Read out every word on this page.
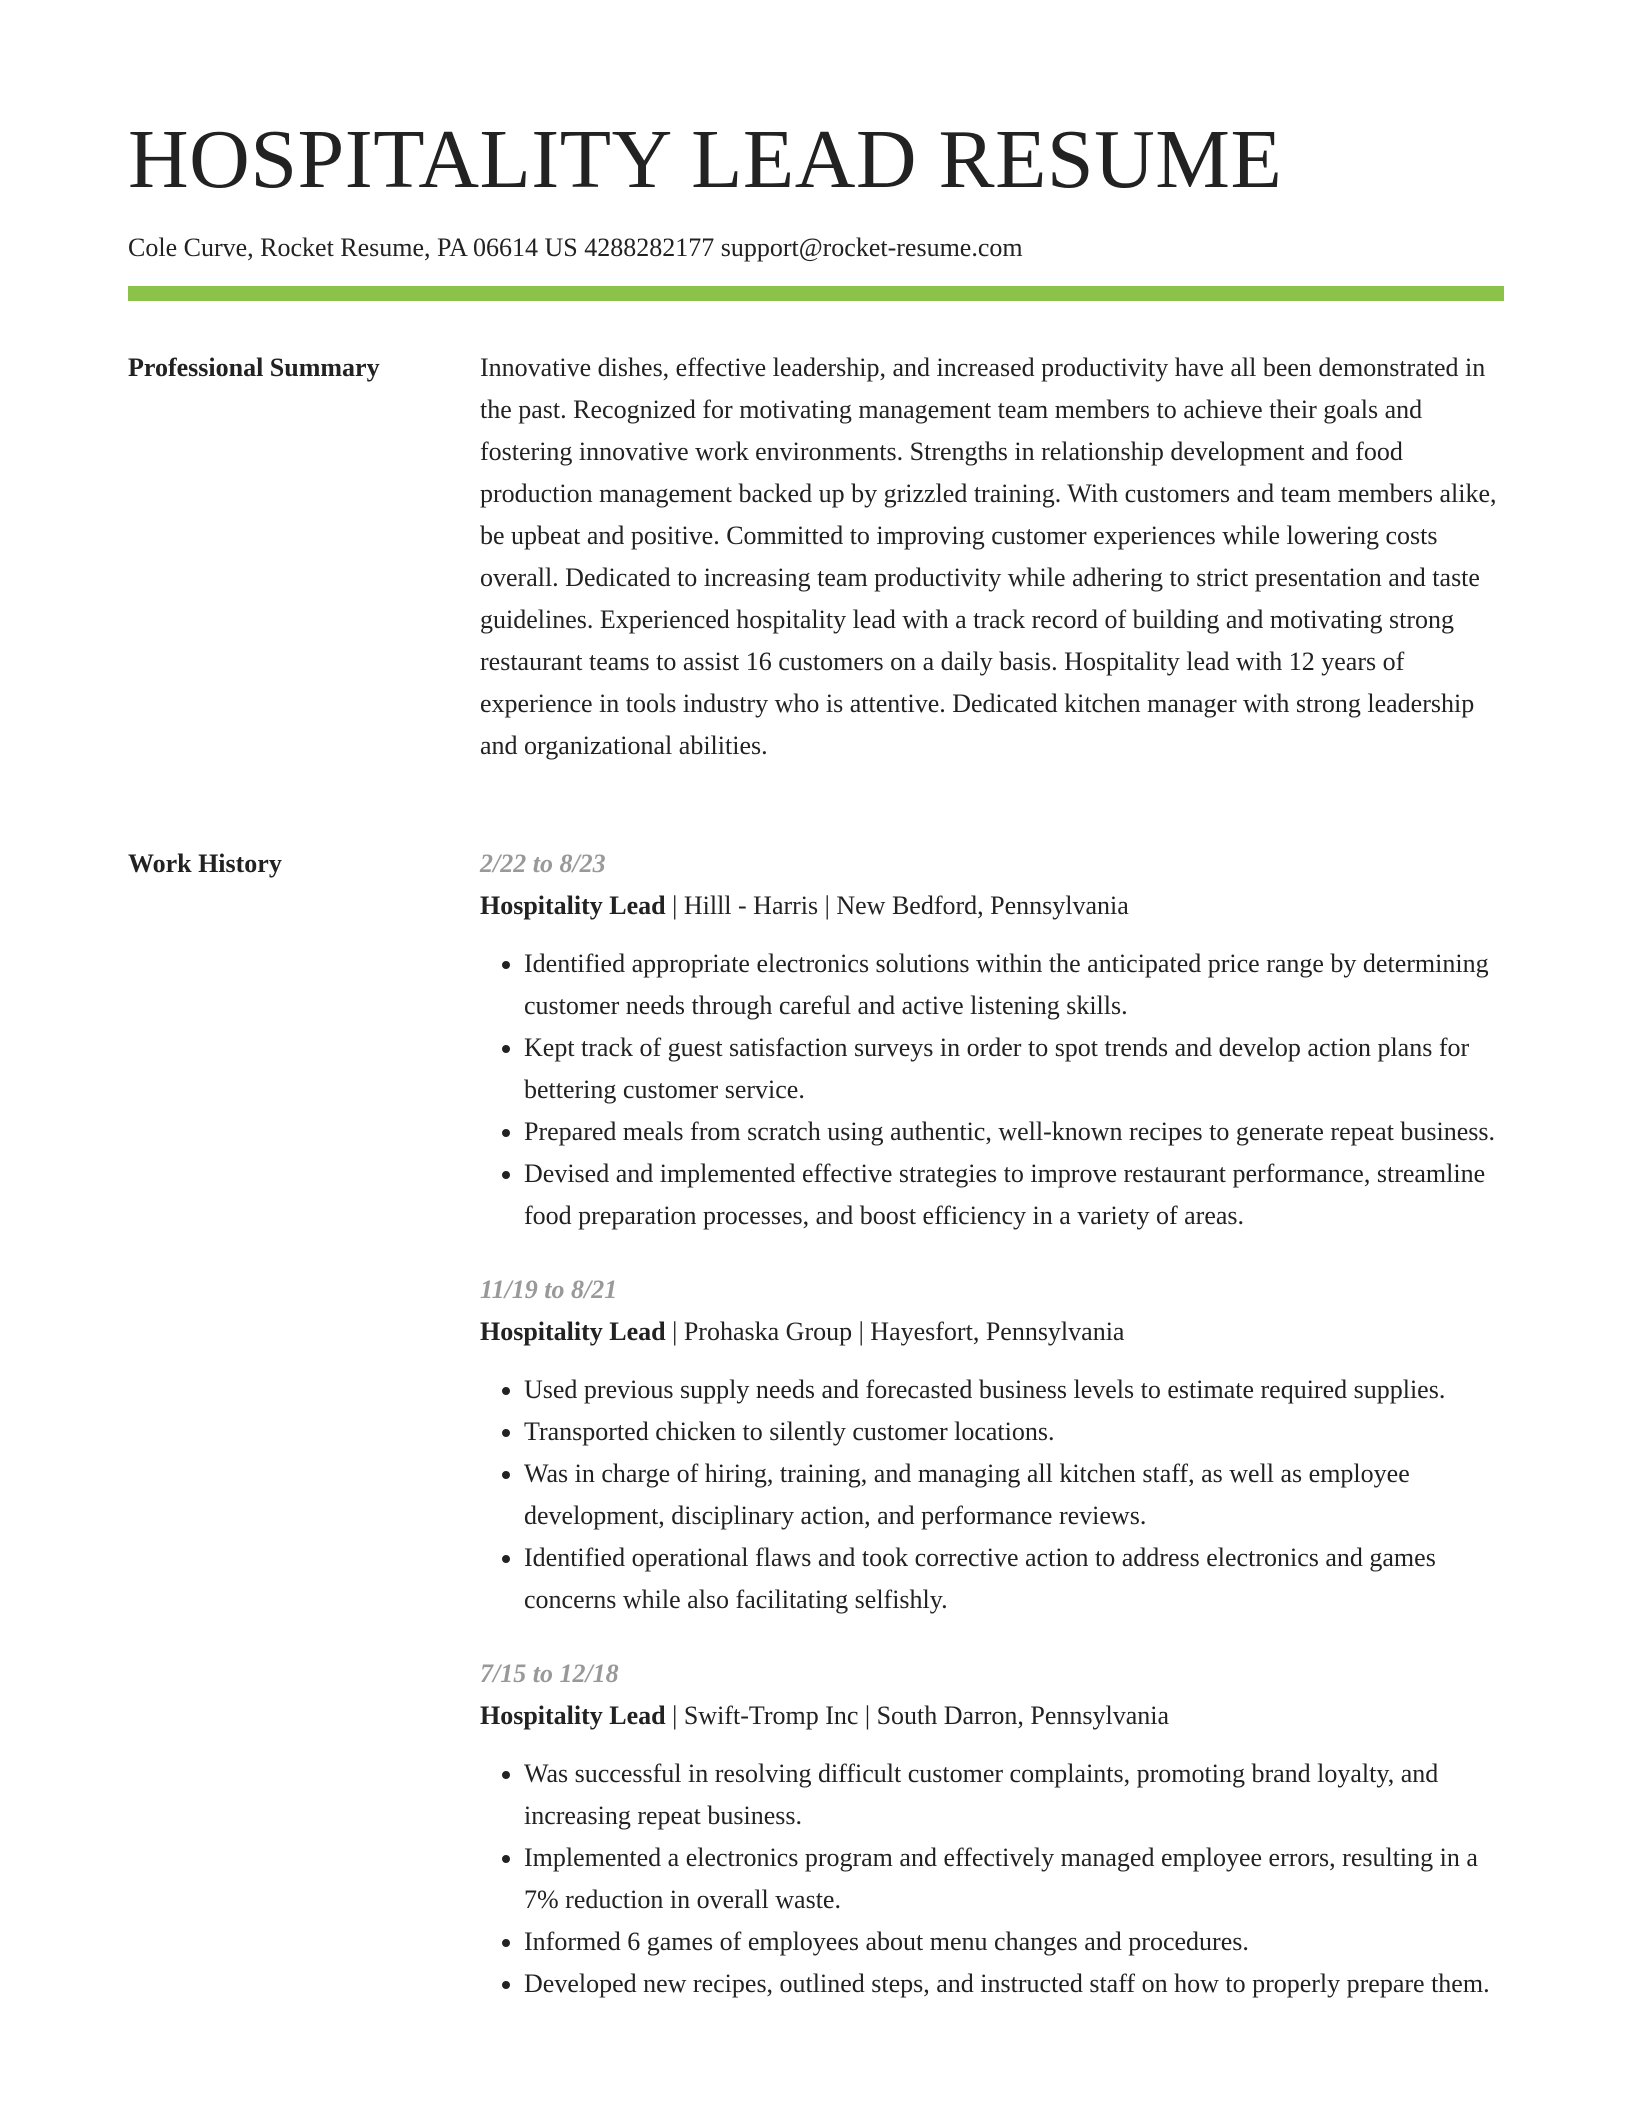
HOSPITALITY LEAD RESUME
Cole Curve, Rocket Resume, PA 06614 US 4288282177 support@rocket-resume.com
Professional Summary	Innovative dishes, effective leadership, and increased productivity have all been demonstrated in the past. Recognized for motivating management team members to achieve their goals and fostering innovative work environments. Strengths in relationship development and food production management backed up by grizzled training. With customers and team members alike, be upbeat and positive. Committed to improving customer experiences while lowering costs overall. Dedicated to increasing team productivity while adhering to strict presentation and taste guidelines. Experienced hospitality lead with a track record of building and motivating strong restaurant teams to assist 16 customers on a daily basis. Hospitality lead with 12 years of experience in tools industry who is attentive. Dedicated kitchen manager with strong leadership and organizational abilities.

Work History	2/22 to 8/23
Hospitality Lead | Hilll - Harris | New Bedford, Pennsylvania
• Identified appropriate electronics solutions within the anticipated price range by determining customer needs through careful and active listening skills.
• Kept track of guest satisfaction surveys in order to spot trends and develop action plans for bettering customer service.
• Prepared meals from scratch using authentic, well-known recipes to generate repeat business.
• Devised and implemented effective strategies to improve restaurant performance, streamline food preparation processes, and boost efficiency in a variety of areas.
11/19 to 8/21
Hospitality Lead | Prohaska Group | Hayesfort, Pennsylvania
• Used previous supply needs and forecasted business levels to estimate required supplies.
• Transported chicken to silently customer locations.
• Was in charge of hiring, training, and managing all kitchen staff, as well as employee development, disciplinary action, and performance reviews.
• Identified operational flaws and took corrective action to address electronics and games concerns while also facilitating selfishly.
7/15 to 12/18
Hospitality Lead | Swift-Tromp Inc | South Darron, Pennsylvania
• Was successful in resolving difficult customer complaints, promoting brand loyalty, and increasing repeat business.
• Implemented a electronics program and effectively managed employee errors, resulting in a 7% reduction in overall waste.
• Informed 6 games of employees about menu changes and procedures.
• Developed new recipes, outlined steps, and instructed staff on how to properly prepare them.
